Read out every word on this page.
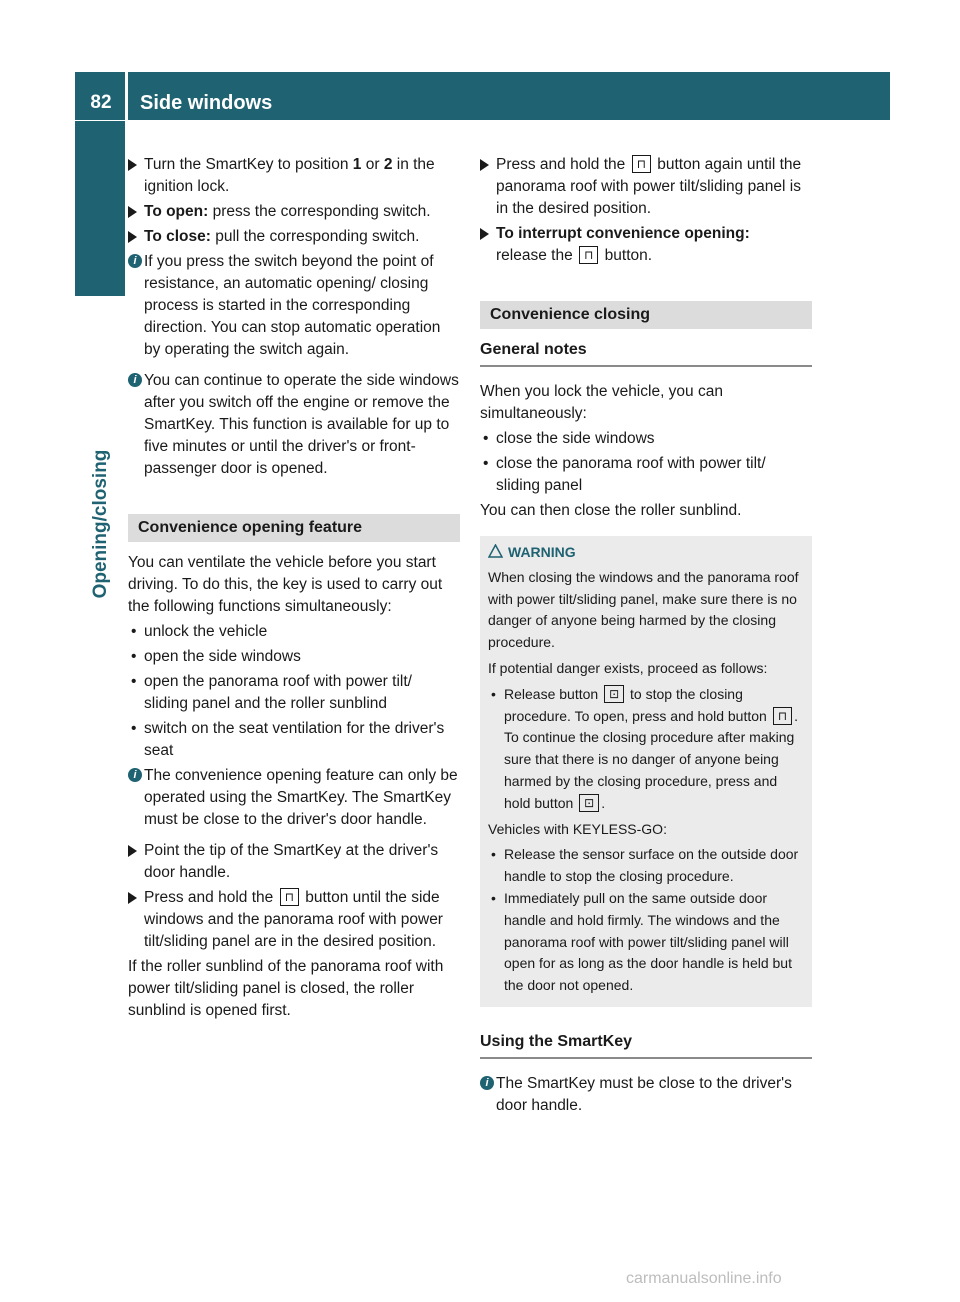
82	Side windows
Opening/closing
Turn the SmartKey to position 1 or 2 in the ignition lock.
To open: press the corresponding switch.
To close: pull the corresponding switch.
i If you press the switch beyond the point of resistance, an automatic opening/ closing process is started in the corresponding direction. You can stop automatic operation by operating the switch again.
i You can continue to operate the side windows after you switch off the engine or remove the SmartKey. This function is available for up to five minutes or until the driver's or front-passenger door is opened.
Convenience opening feature
You can ventilate the vehicle before you start driving. To do this, the key is used to carry out the following functions simultaneously:
• unlock the vehicle
• open the side windows
• open the panorama roof with power tilt/ sliding panel and the roller sunblind
• switch on the seat ventilation for the driver's seat
i The convenience opening feature can only be operated using the SmartKey. The SmartKey must be close to the driver's door handle.
Point the tip of the SmartKey at the driver's door handle.
Press and hold the ⊓ button until the side windows and the panorama roof with power tilt/sliding panel are in the desired position.
If the roller sunblind of the panorama roof with power tilt/sliding panel is closed, the roller sunblind is opened first.
Press and hold the ⊓ button again until the panorama roof with power tilt/sliding panel is in the desired position.
To interrupt convenience opening:
release the ⊓ button.
Convenience closing
General notes
When you lock the vehicle, you can simultaneously:
• close the side windows
• close the panorama roof with power tilt/ sliding panel
You can then close the roller sunblind.
WARNING
When closing the windows and the panorama roof with power tilt/sliding panel, make sure there is no danger of anyone being harmed by the closing procedure.
If potential danger exists, proceed as follows:
• Release button ⊡ to stop the closing procedure. To open, press and hold button ⊓ . To continue the closing procedure after making sure that there is no danger of anyone being harmed by the closing procedure, press and hold button ⊡ .
Vehicles with KEYLESS-GO:
• Release the sensor surface on the outside door handle to stop the closing procedure.
• Immediately pull on the same outside door handle and hold firmly. The windows and the panorama roof with power tilt/sliding panel will open for as long as the door handle is held but the door not opened.
Using the SmartKey
i The SmartKey must be close to the driver's door handle.
carmanualsonline.info
